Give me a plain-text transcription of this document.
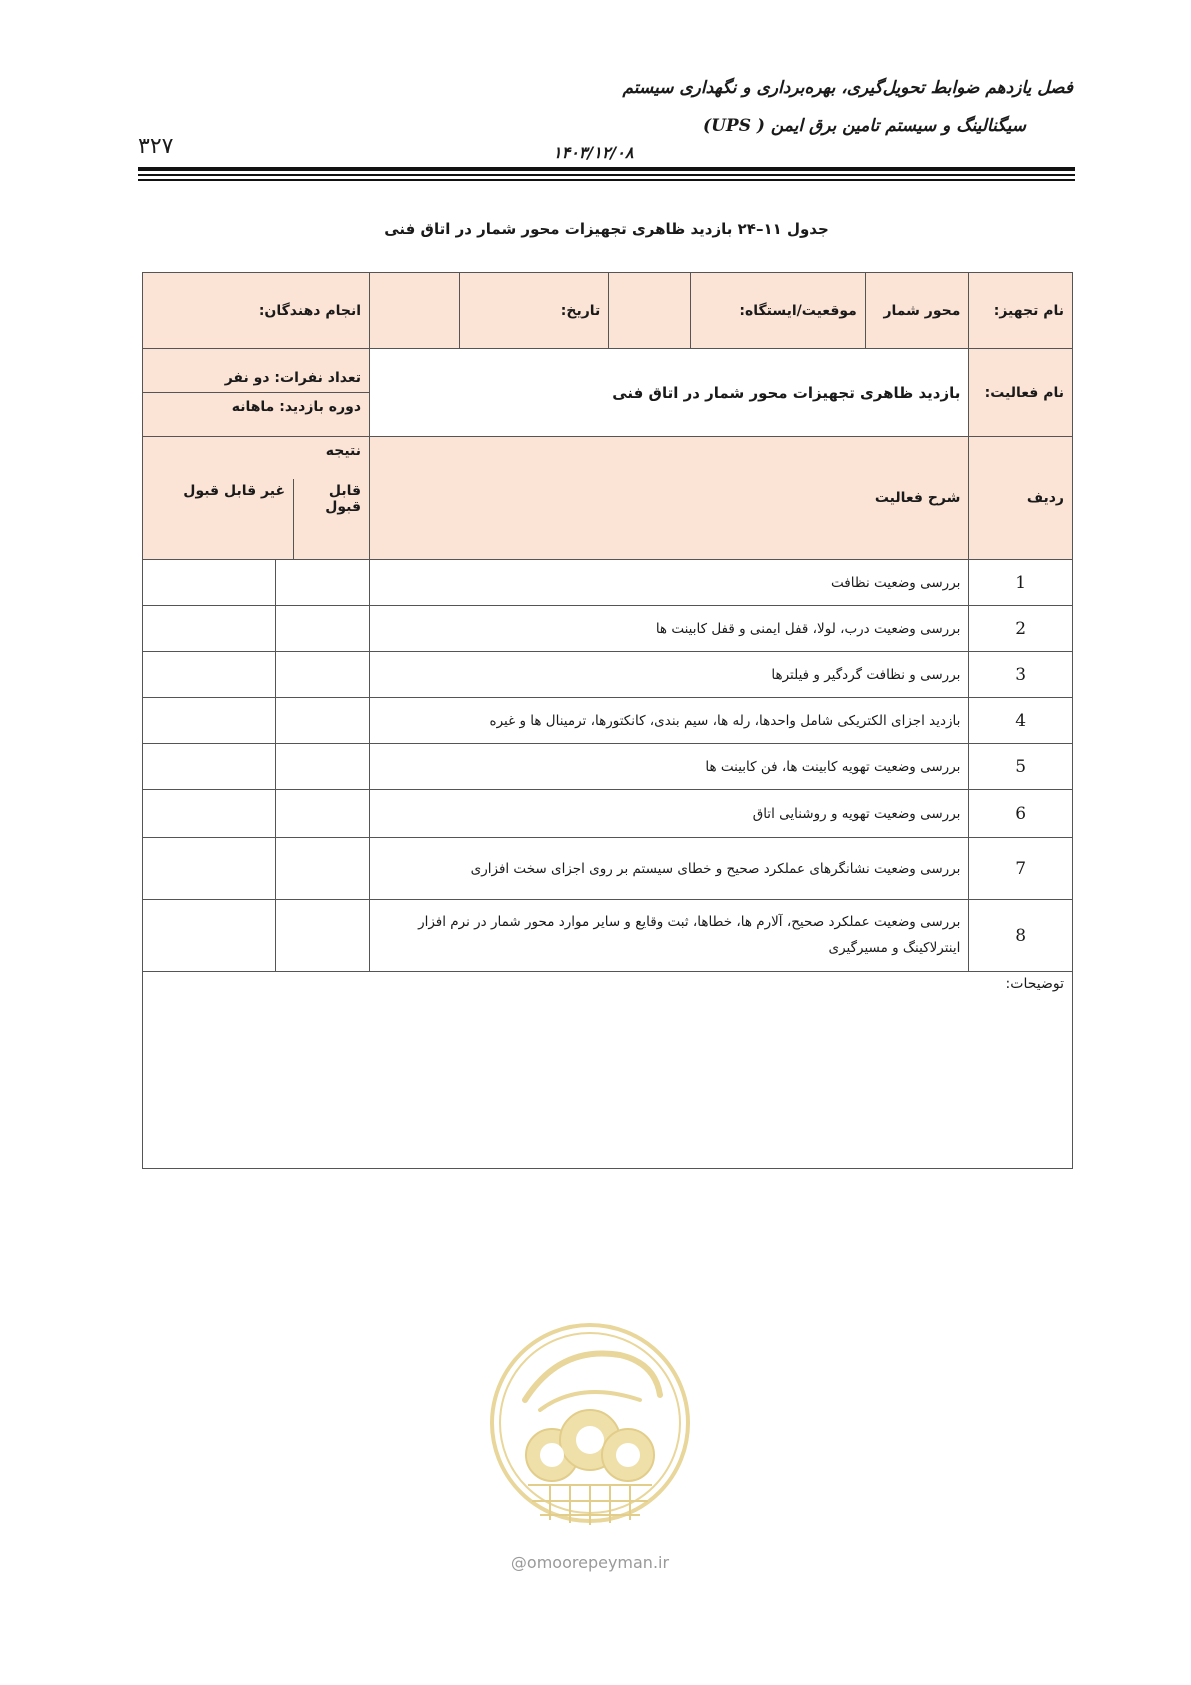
فصل یازدهم ضوابط تحویل‌گیری، بهره‌برداری و نگهداری سیستم
سیگنالینگ و سیستم تامین برق ایمن ( UPS)
۱۴۰۳/۱۲/۰۸
۳۲۷
جدول ۱۱–۲۴ بازدید ظاهری تجهیزات محور شمار در اتاق فنی
نام تجهیز:	محور شمار	موقعیت/ایستگاه:		تاریخ:		انجام دهندگان:	
نام فعالیت:	بازدید ظاهری تجهیزات محور شمار در اتاق فنی					تعداد نفرات: دو نفر
دوره بازدید: ماهانه	

ردیف	شرح فعالیت					نتیجه
قابل قبول
غیر قابل قبول	

1	بررسی وضعیت نظافت						
2	بررسی وضعیت درب، لولا، قفل ایمنی و قفل کابینت ها						
3	بررسی و نظافت گردگیر و فیلترها						
4	بازدید اجزای الکتریکی شامل واحدها، رله ها، سیم بندی، کانکتورها، ترمینال ها و غیره						
5	بررسی وضعیت تهویه کابینت ها، فن کابینت ها						
6	بررسی وضعیت تهویه و روشنایی اتاق						
7	بررسی وضعیت نشانگرهای عملکرد صحیح و خطای سیستم بر روی اجزای سخت افزاری						
8	بررسی وضعیت عملکرد صحیح، آلارم ها، خطاها، ثبت وقایع و سایر موارد محور شمار در نرم افزار اینترلاکینگ و مسیرگیری						
توضیحات:							
@omoorepeyman.ir
